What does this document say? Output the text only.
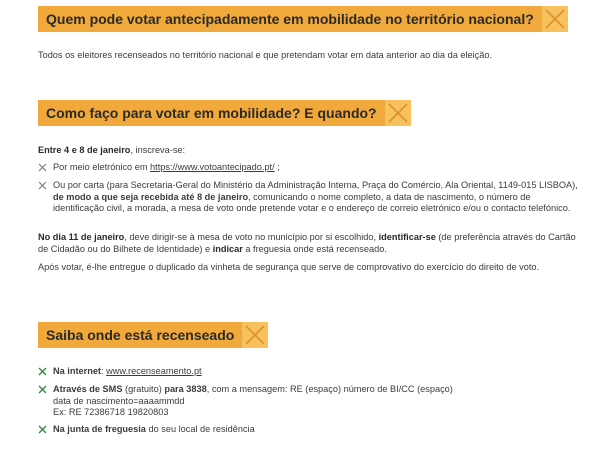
Quem pode votar antecipadamente em mobilidade no território nacional?
Todos os eleitores recenseados no território nacional e que pretendam votar em data anterior ao dia da eleição.
Como faço para votar em mobilidade? E quando?
Entre 4 e 8 de janeiro, inscreva-se:
Por meio eletrónico em https://www.votoantecipado.pt/ ;
Ou por carta (para Secretaria-Geral do Ministério da Administração Interna, Praça do Comércio, Ala Oriental, 1149-015 LISBOA), de modo a que seja recebida até 8 de janeiro, comunicando o nome completo, a data de nascimento, o número de identificação civil, a morada, a mesa de voto onde pretende votar e o endereço de correio eletrónico e/ou o contacto telefónico.
No dia 11 de janeiro, deve dirigir-se à mesa de voto no município por si escolhido, identificar-se (de preferência através do Cartão de Cidadão ou do Bilhete de Identidade) e indicar a freguesia onde está recenseado.
Após votar, é-lhe entregue o duplicado da vinheta de segurança que serve de comprovativo do exercício do direito de voto.
Saiba onde está recenseado
Na internet: www.recenseamento.pt
Através de SMS (gratuito) para 3838, com a mensagem: RE (espaço) número de BI/CC (espaço)
data de nascimento=aaaammdd
Ex: RE 72386718 19820803
Na junta de freguesia do seu local de residência
